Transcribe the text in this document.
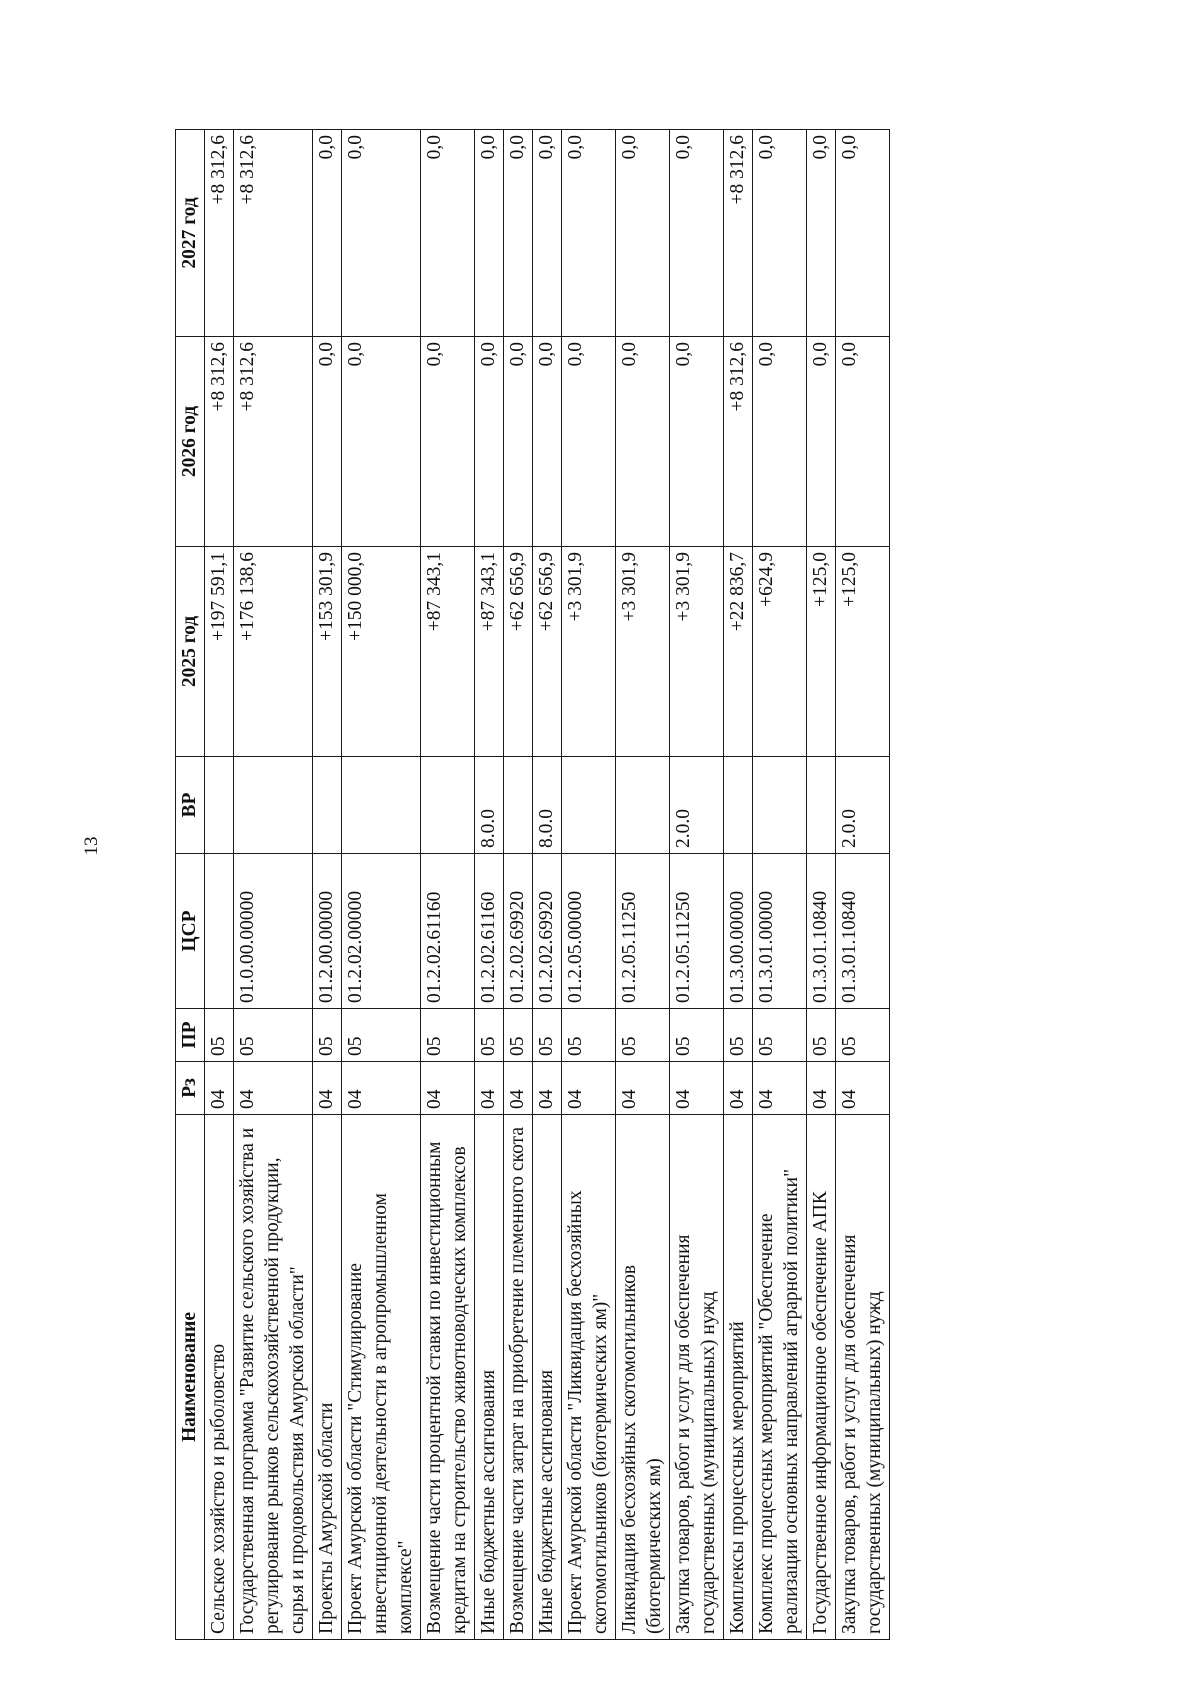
13
Наименование	Рз	ПР	ЦСР	ВР	2025 год	2026 год	2027 год
Сельское хозяйство и рыболовство	04	05			+197 591,1	+8 312,6	+8 312,6
Государственная программа "Развитие сельского хозяйства и регулирование рынков сельскохозяйственной продукции, сырья и продовольствия Амурской области"	04	05	01.0.00.00000		+176 138,6	+8 312,6	+8 312,6
Проекты Амурской области	04	05	01.2.00.00000		+153 301,9	0,0	0,0
Проект Амурской области "Стимулирование инвестиционной деятельности в агропромышленном комплексе"	04	05	01.2.02.00000		+150 000,0	0,0	0,0
Возмещение части процентной ставки по инвестиционным кредитам на строительство животноводческих комплексов	04	05	01.2.02.61160		+87 343,1	0,0	0,0
Иные бюджетные ассигнования	04	05	01.2.02.61160	8.0.0	+87 343,1	0,0	0,0
Возмещение части затрат на приобретение племенного скота	04	05	01.2.02.69920		+62 656,9	0,0	0,0
Иные бюджетные ассигнования	04	05	01.2.02.69920	8.0.0	+62 656,9	0,0	0,0
Проект Амурской области "Ликвидация бесхозяйных скотомогильников (биотермических ям)"	04	05	01.2.05.00000		+3 301,9	0,0	0,0
Ликвидация бесхозяйных скотомогильников (биотермических ям)	04	05	01.2.05.11250		+3 301,9	0,0	0,0
Закупка товаров, работ и услуг для обеспечения государственных (муниципальных) нужд	04	05	01.2.05.11250	2.0.0	+3 301,9	0,0	0,0
Комплексы процессных мероприятий	04	05	01.3.00.00000		+22 836,7	+8 312,6	+8 312,6
Комплекс процессных мероприятий "Обеспечение реализации основных направлений аграрной политики"	04	05	01.3.01.00000		+624,9	0,0	0,0
Государственное информационное обеспечение АПК	04	05	01.3.01.10840		+125,0	0,0	0,0
Закупка товаров, работ и услуг для обеспечения государственных (муниципальных) нужд	04	05	01.3.01.10840	2.0.0	+125,0	0,0	0,0
